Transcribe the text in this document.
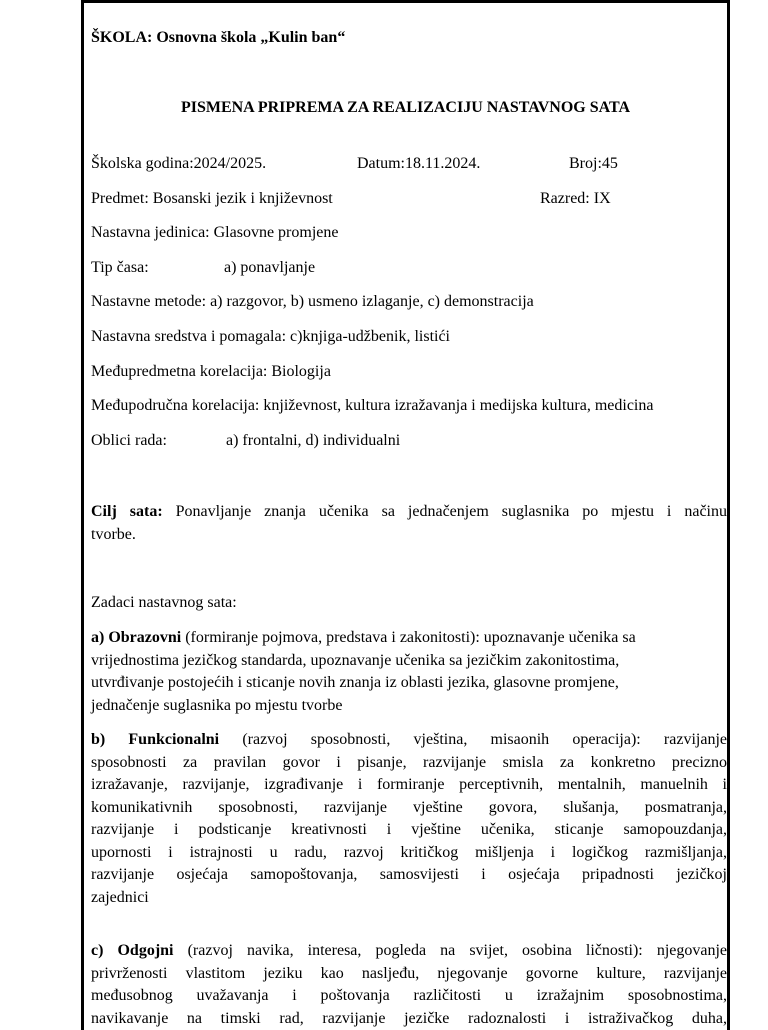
ŠKOLA: Osnovna škola „Kulin ban“
PISMENA PRIPREMA ZA REALIZACIJU NASTAVNOG SATA
Školska godina:2024/2025.	Datum:18.11.2024.	Broj:45
Predmet: Bosanski jezik i književnost	Razred: IX
Nastavna jedinica: Glasovne promjene
Tip časa:	a) ponavljanje
Nastavne metode: a) razgovor, b) usmeno izlaganje, c) demonstracija
Nastavna sredstva i pomagala: c)knjiga-udžbenik, listići
Međupredmetna korelacija: Biologija
Međupodručna korelacija: književnost, kultura izražavanja i medijska kultura, medicina
Oblici rada:	a) frontalni, d) individualni
Cilj sata: Ponavljanje znanja učenika sa jednačenjem suglasnika po mjestu i načinu
tvorbe.
Zadaci nastavnog sata:
a) Obrazovni (formiranje pojmova, predstava i zakonitosti): upoznavanje učenika sa
vrijednostima jezičkog standarda, upoznavanje učenika sa jezičkim zakonitostima,
utvrđivanje postojećih i sticanje novih znanja iz oblasti jezika, glasovne promjene,
jednačenje suglasnika po mjestu tvorbe
b) Funkcionalni (razvoj sposobnosti, vještina, misaonih operacija): razvijanje
sposobnosti za pravilan govor i pisanje, razvijanje smisla za konkretno precizno
izražavanje, razvijanje, izgrađivanje i formiranje perceptivnih, mentalnih, manuelnih i
komunikativnih sposobnosti, razvijanje vještine govora, slušanja, posmatranja,
razvijanje i podsticanje kreativnosti i vještine učenika, sticanje samopouzdanja,
upornosti i istrajnosti u radu, razvoj kritičkog mišljenja i logičkog razmišljanja,
razvijanje osjećaja samopoštovanja, samosvijesti i osjećaja pripadnosti jezičkoj
zajednici
c) Odgojni (razvoj navika, interesa, pogleda na svijet, osobina ličnosti): njegovanje
privrženosti vlastitom jeziku kao nasljeđu, njegovanje govorne kulture, razvijanje
međusobnog uvažavanja i poštovanja različitosti u izražajnim sposobnostima,
navikavanje na timski rad, razvijanje jezičke radoznalosti i istraživačkog duha,
